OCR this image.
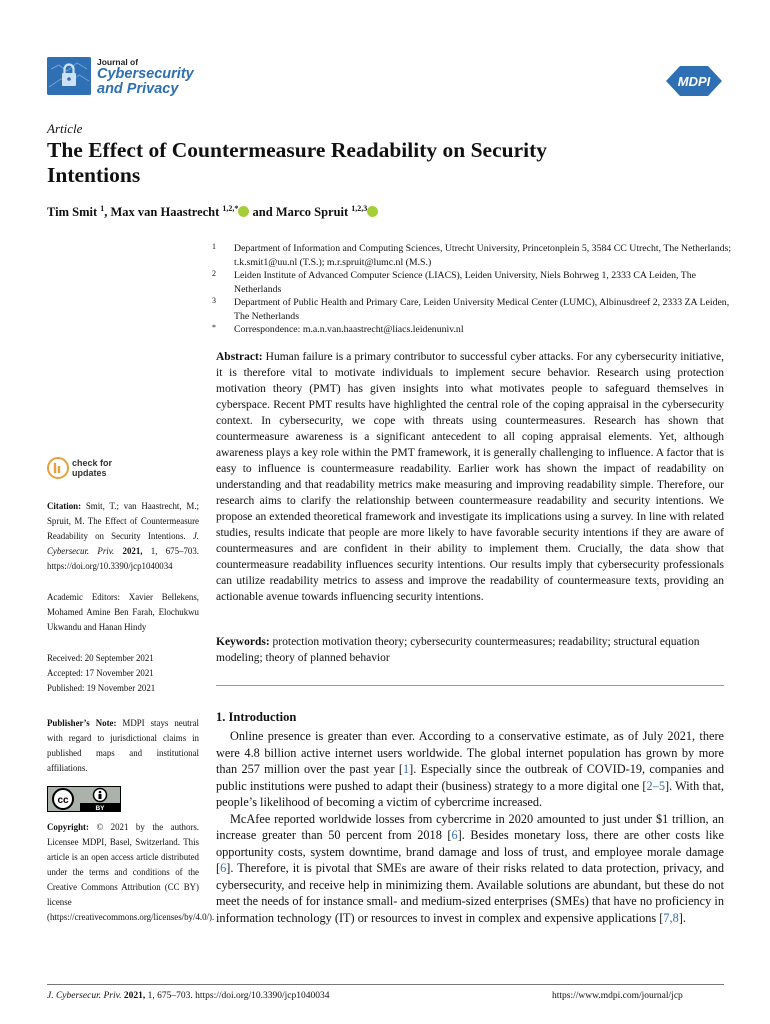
Journal of
Cybersecurity
and Privacy	MDPI
Article
The Effect of Countermeasure Readability on Security Intentions
Tim Smit $^1$, Max van Haastrecht $^{1,2,*}$ and Marco Spruit $^{1,2,3}$
1 Department of Information and Computing Sciences, Utrecht University, Princetonplein 5, 3584 CC Utrecht, The Netherlands; t.k.smit1@uu.nl (T.S.); m.r.spruit@lumc.nl (M.S.)
2 Leiden Institute of Advanced Computer Science (LIACS), Leiden University, Niels Bohrweg 1, 2333 CA Leiden, The Netherlands
3 Department of Public Health and Primary Care, Leiden University Medical Center (LUMC), Albinusdreef 2, 2333 ZA Leiden, The Netherlands
* Correspondence: m.a.n.van.haastrecht@liacs.leidenuniv.nl
Abstract: Human failure is a primary contributor to successful cyber attacks. For any cybersecurity initiative, it is therefore vital to motivate individuals to implement secure behavior. Research using protection motivation theory (PMT) has given insights into what motivates people to safeguard themselves in cyberspace. Recent PMT results have highlighted the central role of the coping appraisal in the cybersecurity context. In cybersecurity, we cope with threats using countermeasures. Research has shown that countermeasure awareness is a significant antecedent to all coping appraisal elements. Yet, although awareness plays a key role within the PMT framework, it is generally challenging to influence. A factor that is easy to influence is countermeasure readability. Earlier work has shown the impact of readability on understanding and that readability metrics make measuring and improving readability simple. Therefore, our research aims to clarify the relationship between countermeasure readability and security intentions. We propose an extended theoretical framework and investigate its implications using a survey. In line with related studies, results indicate that people are more likely to have favorable security intentions if they are aware of countermeasures and are confident in their ability to implement them. Crucially, the data show that countermeasure readability influences security intentions. Our results imply that cybersecurity professionals can utilize readability metrics to assess and improve the readability of countermeasure texts, providing an actionable avenue towards influencing security intentions.
Keywords: protection motivation theory; cybersecurity countermeasures; readability; structural equation modeling; theory of planned behavior
check for
updates
Citation: Smit, T.; van Haastrecht, M.; Spruit, M. The Effect of Countermeasure Readability on Security Intentions. J. Cybersecur. Priv. 2021, 1, 675–703. https://doi.org/10.3390/jcp1040034
Academic Editors: Xavier Bellekens, Mohamed Amine Ben Farah, Elochukwu Ukwandu and Hanan Hindy
Received: 20 September 2021
Accepted: 17 November 2021
Published: 19 November 2021
Publisher’s Note: MDPI stays neutral with regard to jurisdictional claims in published maps and institutional affiliations.
cc
BY
Copyright: © 2021 by the authors. Licensee MDPI, Basel, Switzerland. This article is an open access article distributed under the terms and conditions of the Creative Commons Attribution (CC BY) license (https://creativecommons.org/licenses/by/4.0/).
1. Introduction

Online presence is greater than ever. According to a conservative estimate, as of July 2021, there were 4.8 billion active internet users worldwide. The global internet population has grown by more than 257 million over the past year [1]. Especially since the outbreak of COVID-19, companies and public institutions were pushed to adapt their (business) strategy to a more digital one [2–5]. With that, people’s likelihood of becoming a victim of cybercrime increased.

McAfee reported worldwide losses from cybercrime in 2020 amounted to just under $1 trillion, an increase greater than 50 percent from 2018 [6]. Besides monetary loss, there are other costs like opportunity costs, system downtime, brand damage and loss of trust, and employee morale damage [6]. Therefore, it is pivotal that SMEs are aware of their risks related to data protection, privacy, and cybersecurity, and receive help in minimizing them. Available solutions are abundant, but these do not meet the needs of for instance small- and medium-sized enterprises (SMEs) that have no proficiency in information technology (IT) or resources to invest in complex and expensive applications [7,8].

J. Cybersecur. Priv. 2021, 1, 675–703. https://doi.org/10.3390/jcp1040034	https://www.mdpi.com/journal/jcp
